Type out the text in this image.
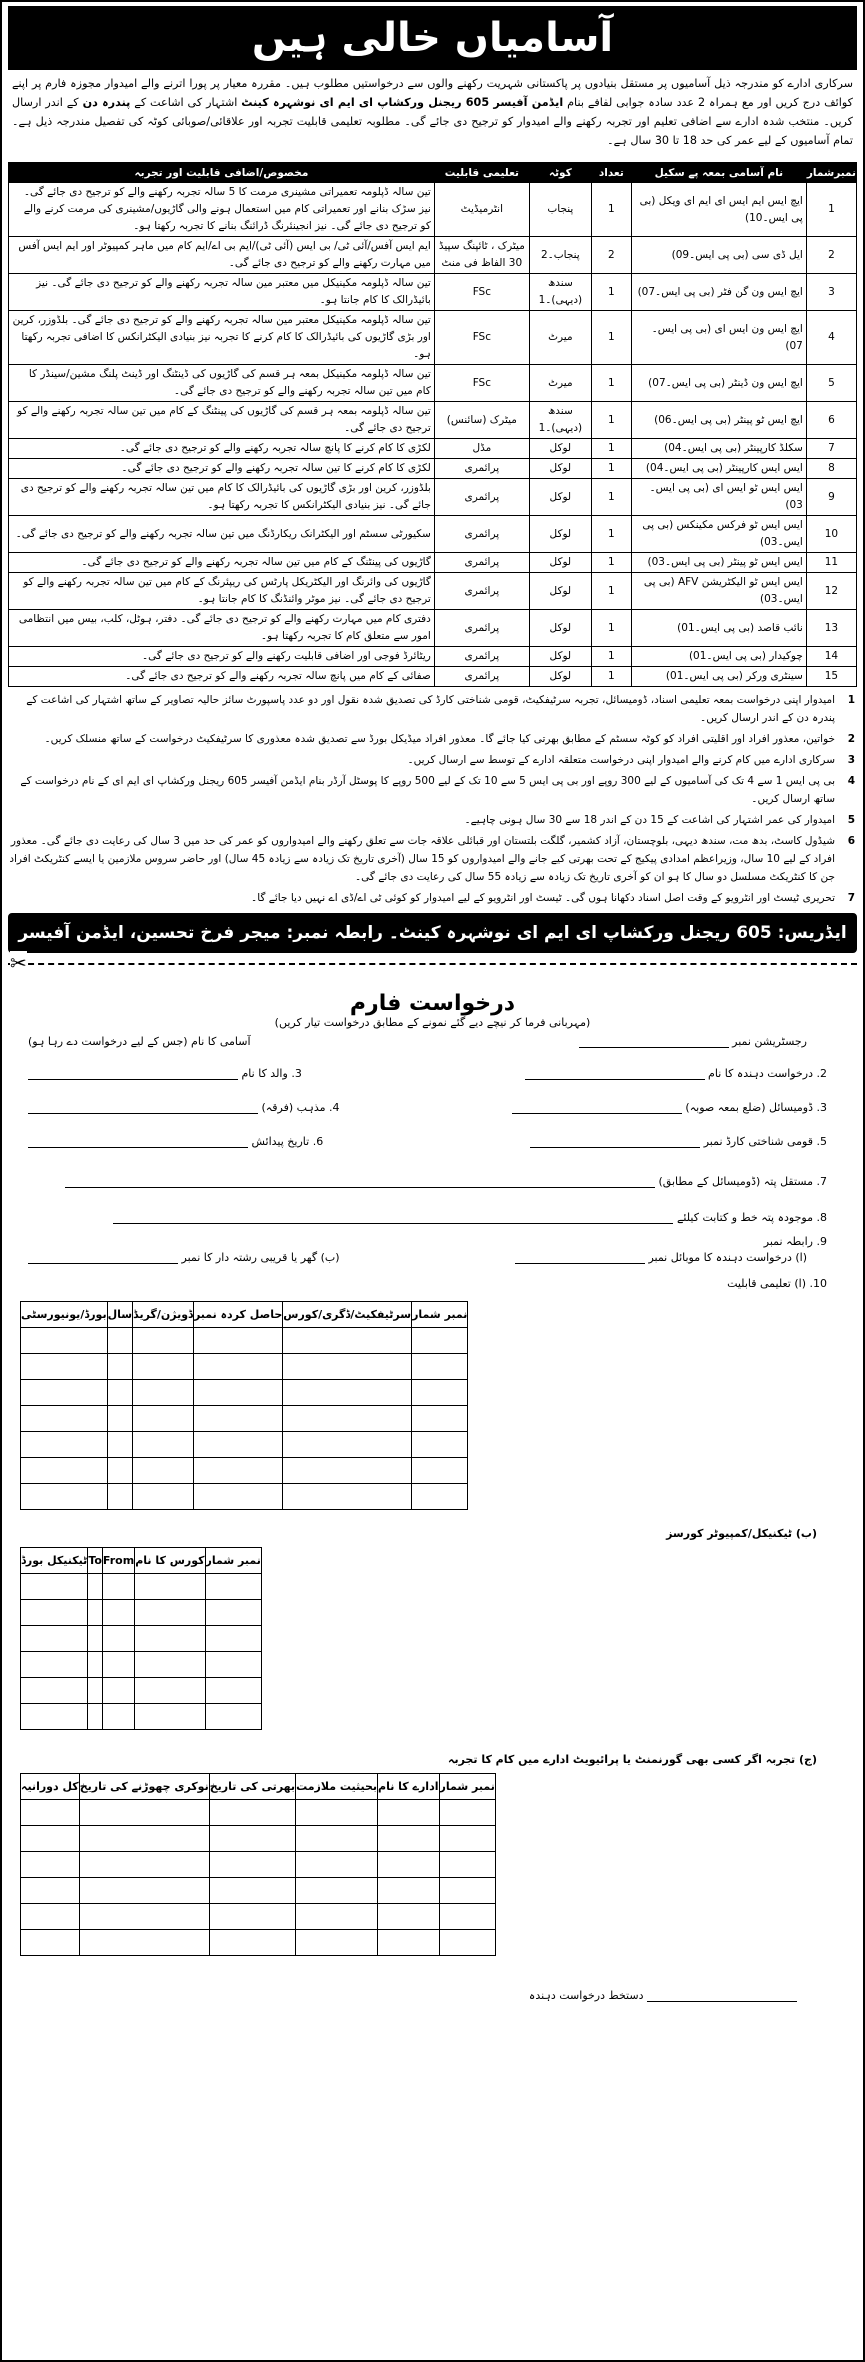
آسامیاں خالی ہیں
سرکاری ادارے کو مندرجہ ذیل آسامیوں پر مستقل بنیادوں پر پاکستانی شہریت رکھنے والوں سے درخواستیں مطلوب ہیں۔ مقررہ معیار پر پورا اترنے والے امیدوار مجوزہ فارم پر اپنے کوائف درج کریں اور مع ہمراہ 2 عدد سادہ جوابی لفافے بنام ایڈمن آفیسر 605 ریجنل ورکشاپ ای ایم ای نوشہرہ کینٹ اشتہار کی اشاعت کے پندرہ دن کے اندر ارسال کریں۔ منتخب شدہ ادارے سے اضافی تعلیم اور تجربہ رکھنے والے امیدوار کو ترجیح دی جائے گی۔ مطلوبہ تعلیمی قابلیت تجربہ اور علاقائی/صوبائی کوٹہ کی تفصیل مندرجہ ذیل ہے۔ تمام آسامیوں کے لیے عمر کی حد 18 تا 30 سال ہے۔
نمبرشمار	نام آسامی بمعہ پے سکیل	تعداد	کوٹہ	تعلیمی قابلیت	مخصوص/اضافی قابلیت اور تجربہ
1	ایچ ایس ایم ایس ای ایم ای ویکل (بی پی ایس۔10)	1	پنجاب	انٹرمیڈیٹ	تین سالہ ڈپلومہ تعمیراتی مشینری مرمت کا 5 سالہ تجربہ رکھنے والے کو ترجیح دی جائے گی۔ نیز سڑک بنانے اور تعمیراتی کام میں استعمال ہونے والی گاڑیوں/مشینری کی مرمت کرنے والے کو ترجیح دی جائے گی۔ نیز انجینئرنگ ڈرائنگ بنانے کا تجربہ رکھتا ہو۔
2	ایل ڈی سی (بی پی ایس۔09)	2	پنجاب۔2	میٹرک ، ٹائپنگ سپیڈ 30 الفاظ فی منٹ	ایم ایس آفس/آئی ٹی/ بی ایس (آئی ٹی)/ایم بی اے/ایم کام میں ماہر کمپیوٹر اور ایم ایس آفس میں مہارت رکھنے والے کو ترجیح دی جائے گی۔
3	ایچ ایس ون گن فٹر (بی پی ایس۔07)	1	سندھ (دیہی)۔1	FSc	تین سالہ ڈپلومہ مکینیکل میں معتبر مین سالہ تجربہ رکھنے والے کو ترجیح دی جائے گی۔ نیز بائیڈرالک کا کام جانتا ہو۔
4	ایچ ایس ون ایس ای (بی پی ایس۔07)	1	میرٹ	FSc	تین سالہ ڈپلومہ مکینیکل معتبر مین سالہ تجربہ رکھنے والے کو ترجیح دی جائے گی۔ بلڈوزر، کرین اور بڑی گاڑیوں کی بائیڈرالک کا کام کرنے کا تجربہ نیز بنیادی الیکٹرانکس کا اضافی تجربہ رکھتا ہو۔
5	ایچ ایس ون ڈینٹر (بی پی ایس۔07)	1	میرٹ	FSc	تین سالہ ڈپلومہ مکینیکل بمعہ ہر قسم کی گاڑیوں کی ڈینٹنگ اور ڈینٹ پلنگ مشین/سینڈر کا کام میں تین سالہ تجربہ رکھنے والے کو ترجیح دی جائے گی۔
6	ایچ ایس ٹو پینٹر (بی پی ایس۔06)	1	سندھ (دیہی)۔1	میٹرک (سائنس)	تین سالہ ڈپلومہ بمعہ ہر قسم کی گاڑیوں کی پینٹنگ کے کام میں تین سالہ تجربہ رکھنے والے کو ترجیح دی جائے گی۔
7	سکلڈ کارپینٹر (بی پی ایس۔04)	1	لوکل	مڈل	لکڑی کا کام کرنے کا پانچ سالہ تجربہ رکھنے والے کو ترجیح دی جائے گی۔
8	ایس ایس کارپینٹر (بی پی ایس۔04)	1	لوکل	پرائمری	لکڑی کا کام کرنے کا تین سالہ تجربہ رکھنے والے کو ترجیح دی جائے گی۔
9	ایس ایس ٹو ایس ای (بی پی ایس۔03)	1	لوکل	پرائمری	بلڈوزر، کرین اور بڑی گاڑیوں کی بائیڈرالک کا کام میں تین سالہ تجربہ رکھنے والے کو ترجیح دی جائے گی۔ نیز بنیادی الیکٹرانکس کا تجربہ رکھتا ہو۔
10	ایس ایس ٹو فرکس مکینکس (بی پی ایس۔03)	1	لوکل	پرائمری	سکیورٹی سسٹم اور الیکٹرانک ریکارڈنگ میں تین سالہ تجربہ رکھنے والے کو ترجیح دی جائے گی۔
11	ایس ایس ٹو پینٹر (بی پی ایس۔03)	1	لوکل	پرائمری	گاڑیوں کی پینٹنگ کے کام میں تین سالہ تجربہ رکھنے والے کو ترجیح دی جائے گی۔
12	ایس ایس ٹو الیکٹریشن AFV (بی پی ایس۔03)	1	لوکل	پرائمری	گاڑیوں کی وائرنگ اور الیکٹریکل پارٹس کی ریپئرنگ کے کام میں تین سالہ تجربہ رکھنے والے کو ترجیح دی جائے گی۔ نیز موٹر وائنڈنگ کا کام جانتا ہو۔
13	نائب قاصد (بی پی ایس۔01)	1	لوکل	پرائمری	دفتری کام میں مہارت رکھنے والے کو ترجیح دی جائے گی۔ دفتر، ہوٹل، کلب، بیس میں انتظامی امور سے متعلق کام کا تجربہ رکھتا ہو۔
14	چوکیدار (بی پی ایس۔01)	1	لوکل	پرائمری	ریٹائرڈ فوجی اور اضافی قابلیت رکھنے والے کو ترجیح دی جائے گی۔
15	سینٹری ورکر (بی پی ایس۔01)	1	لوکل	پرائمری	صفائی کے کام میں پانچ سالہ تجربہ رکھنے والے کو ترجیح دی جائے گی۔
1
امیدوار اپنی درخواست بمعہ تعلیمی اسناد، ڈومیسائل، تجربہ سرٹیفکیٹ، قومی شناختی کارڈ کی تصدیق شدہ نقول اور دو عدد پاسپورٹ سائز حالیہ تصاویر کے ساتھ اشتہار کی اشاعت کے پندرہ دن کے اندر ارسال کریں۔
2
خواتین، معذور افراد اور اقلیتی افراد کو کوٹہ سسٹم کے مطابق بھرتی کیا جائے گا۔ معذور افراد میڈیکل بورڈ سے تصدیق شدہ معذوری کا سرٹیفکیٹ درخواست کے ساتھ منسلک کریں۔
3
سرکاری ادارے میں کام کرنے والے امیدوار اپنی درخواست متعلقہ ادارے کے توسط سے ارسال کریں۔
4
بی پی ایس 1 سے 4 تک کی آسامیوں کے لیے 300 روپے اور بی پی ایس 5 سے 10 تک کے لیے 500 روپے کا پوسٹل آرڈر بنام ایڈمن آفیسر 605 ریجنل ورکشاپ ای ایم ای کے نام درخواست کے ساتھ ارسال کریں۔
5
امیدوار کی عمر اشتہار کی اشاعت کے 15 دن کے اندر 18 سے 30 سال ہونی چاہیے۔
6
شیڈول کاسٹ، بدھ مت، سندھ دیہی، بلوچستان، آزاد کشمیر، گلگت بلتستان اور قبائلی علاقہ جات سے تعلق رکھنے والے امیدواروں کو عمر کی حد میں 3 سال کی رعایت دی جائے گی۔ معذور افراد کے لیے 10 سال، وزیراعظم امدادی پیکیج کے تحت بھرتی کیے جانے والے امیدواروں کو 15 سال (آخری تاریخ تک زیادہ سے زیادہ 45 سال) اور حاضر سروس ملازمین یا ایسے کنٹریکٹ افراد جن کا کنٹریکٹ مسلسل دو سال کا ہو ان کو آخری تاریخ تک زیادہ سے زیادہ 55 سال کی رعایت دی جائے گی۔
7
تحریری ٹیسٹ اور انٹرویو کے وقت اصل اسناد دکھانا ہوں گی۔ ٹیسٹ اور انٹرویو کے لیے امیدوار کو کوئی ٹی اے/ڈی اے نہیں دیا جائے گا۔
ایڈریس: 605 ریجنل ورکشاپ ای ایم ای نوشہرہ کینٹ۔ رابطہ نمبر: میجر فرخ تحسین، ایڈمن آفیسر 0327-0585665
✂
درخواست فارم
(مہربانی فرما کر نیچے دیے گئے نمونے کے مطابق درخواست تیار کریں)
رجسٹریشن نمبر
آسامی کا نام (جس کے لیے درخواست دے رہا ہو)
2. درخواست دہندہ کا نام
3. والد کا نام
3. ڈومیسائل (ضلع بمعہ صوبہ)
4. مذہب (فرقہ)
5. قومی شناختی کارڈ نمبر
6. تاریخ پیدائش
7. مستقل پتہ (ڈومیسائل کے مطابق)
8. موجودہ پتہ خط و کتابت کیلئے
9. رابطہ نمبر
(ا) درخواست دہندہ کا موبائل نمبر
(ب) گھر یا قریبی رشتہ دار کا نمبر
10. (ا) تعلیمی قابلیت
نمبر شمار	سرٹیفکیٹ/ڈگری/کورس	حاصل کردہ نمبر	ڈویژن/گریڈ	سال	بورڈ/یونیورسٹی

(ب) ٹیکنیکل/کمپیوٹر کورسز
نمبر شمار	کورس کا نام	From	To	ٹیکنیکل بورڈ

(ج) تجربہ اگر کسی بھی گورنمنٹ یا پرائیویٹ ادارے میں کام کا تجربہ
نمبر شمار	ادارے کا نام	بحیثیت ملازمت	بھرتی کی تاریخ	نوکری چھوڑنے کی تاریخ	کل دورانیہ

دستخط درخواست دہندہ
